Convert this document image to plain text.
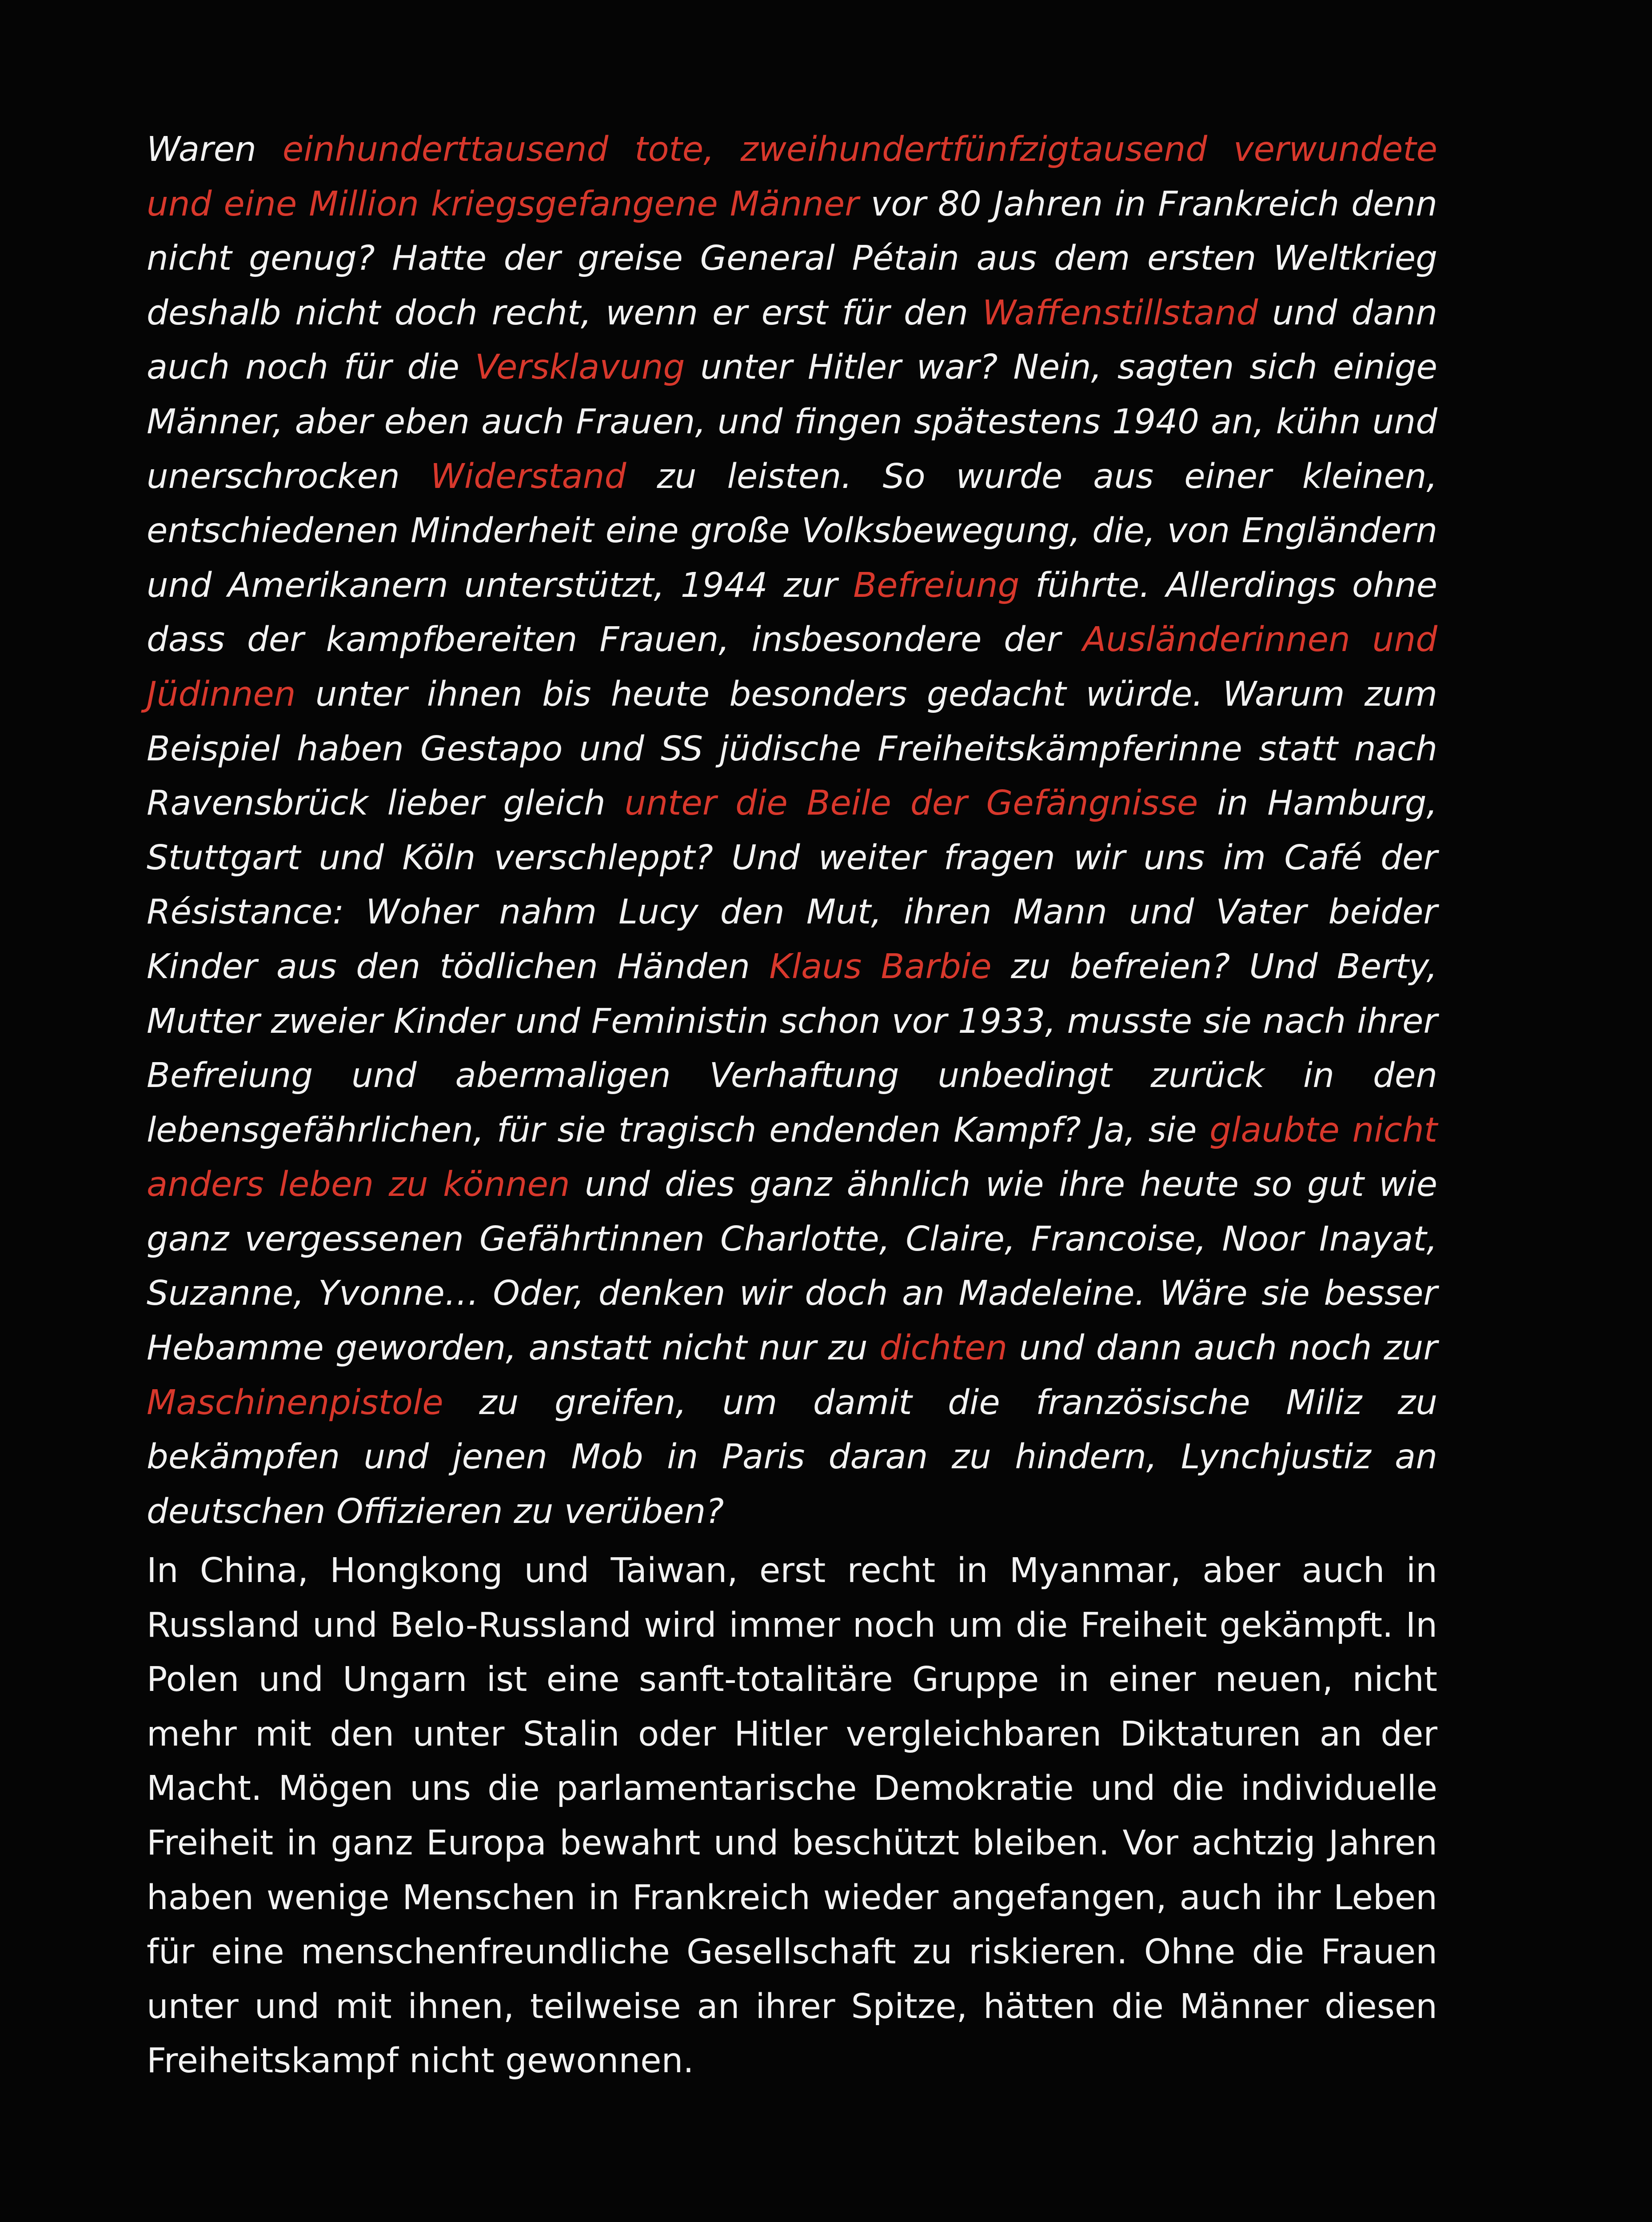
Waren einhunderttausend tote, zweihundertfünfzigtausend verwundete und eine Million kriegsgefangene Männer vor 80 Jahren in Frankreich denn nicht genug? Hatte der greise General Pétain aus dem ersten Weltkrieg deshalb nicht doch recht, wenn er erst für den Waffenstillstand und dann auch noch für die Versklavung unter Hitler war? Nein, sagten sich einige Männer, aber eben auch Frauen, und fingen spätestens 1940 an, kühn und unerschrocken Widerstand zu leisten. So wurde aus einer kleinen, entschiedenen Minderheit eine große Volksbewegung, die, von Engländern und Amerikanern unterstützt, 1944 zur Befreiung führte. Allerdings ohne dass der kampfbereiten Frauen, insbesondere der Ausländerinnen und Jüdinnen unter ihnen bis heute besonders gedacht würde. Warum zum Beispiel haben Gestapo und SS jüdische Freiheitskämpferinne statt nach Ravensbrück lieber gleich unter die Beile der Gefängnisse in Hamburg, Stuttgart und Köln verschleppt? Und weiter fragen wir uns im Café der Résistance: Woher nahm Lucy den Mut, ihren Mann und Vater beider Kinder aus den tödlichen Händen Klaus Barbie zu befreien? Und Berty, Mutter zweier Kinder und Feministin schon vor 1933, musste sie nach ihrer Befreiung und abermaligen Verhaftung unbedingt zurück in den lebensgefährlichen, für sie tragisch endenden Kampf? Ja, sie glaubte nicht anders leben zu können und dies ganz ähnlich wie ihre heute so gut wie ganz vergessenen Gefährtinnen Charlotte, Claire, Francoise, Noor Inayat, Suzanne, Yvonne… Oder, denken wir doch an Madeleine. Wäre sie besser Hebamme geworden, anstatt nicht nur zu dichten und dann auch noch zur Maschinenpistole zu greifen, um damit die französische Miliz zu bekämpfen und jenen Mob in Paris daran zu hindern, Lynchjustiz an deutschen Offizieren zu verüben?

In China, Hongkong und Taiwan, erst recht in Myanmar, aber auch in Russland und Belo-Russland wird immer noch um die Freiheit gekämpft. In Polen und Ungarn ist eine sanft-totalitäre Gruppe in einer neuen, nicht mehr mit den unter Stalin oder Hitler vergleichbaren Diktaturen an der Macht. Mögen uns die parlamentarische Demokratie und die individuelle Freiheit in ganz Europa bewahrt und beschützt bleiben. Vor achtzig Jahren haben wenige Menschen in Frankreich wieder angefangen, auch ihr Leben für eine menschenfreundliche Gesellschaft zu riskieren. Ohne die Frauen unter und mit ihnen, teilweise an ihrer Spitze, hätten die Männer diesen Freiheitskampf nicht gewonnen.
